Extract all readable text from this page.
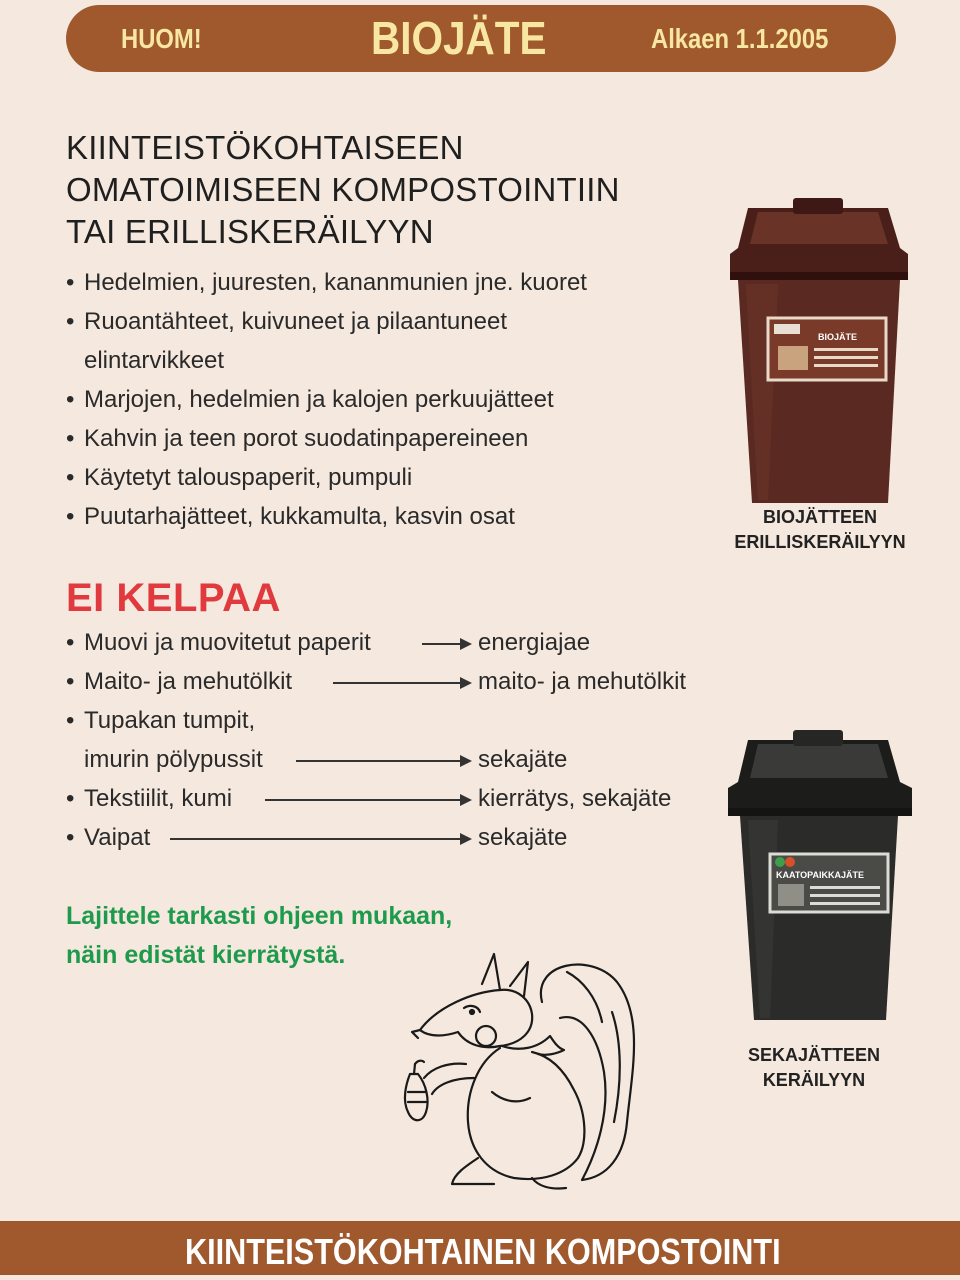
HUOM!	BIOJÄTE	Alkaen 1.1.2005
KIINTEISTÖKOHTAISEEN
OMATOIMISEEN KOMPOSTOINTIIN
TAI ERILLISKERÄILYYN
• Hedelmien, juuresten, kananmunien jne. kuoret
• Ruoantähteet, kuivuneet ja pilaantuneet
elintarvikkeet
• Marjojen, hedelmien ja kalojen perkuujätteet
• Kahvin ja teen porot suodatinpapereineen
• Käytetyt talouspaperit, pumpuli
• Puutarhajätteet, kukkamulta, kasvin osat
EI KELPAA
• Muovi ja muovitetut paperit
• Maito- ja mehutölkit
• Tupakan tumpit,
imurin pölypussit
• Tekstiilit, kumi
• Vaipat
energiajae
maito- ja mehutölkit
sekajäte
kierrätys, sekajäte
sekajäte

Lajittele tarkasti ohjeen mukaan,
näin edistät kierrätystä.

BIOJÄTE
BIOJÄTTEEN
ERILLISKERÄILYYN
KAATOPAIKKAJÄTE
SEKAJÄTTEEN
KERÄILYYN
KIINTEISTÖKOHTAINEN KOMPOSTOINTI
